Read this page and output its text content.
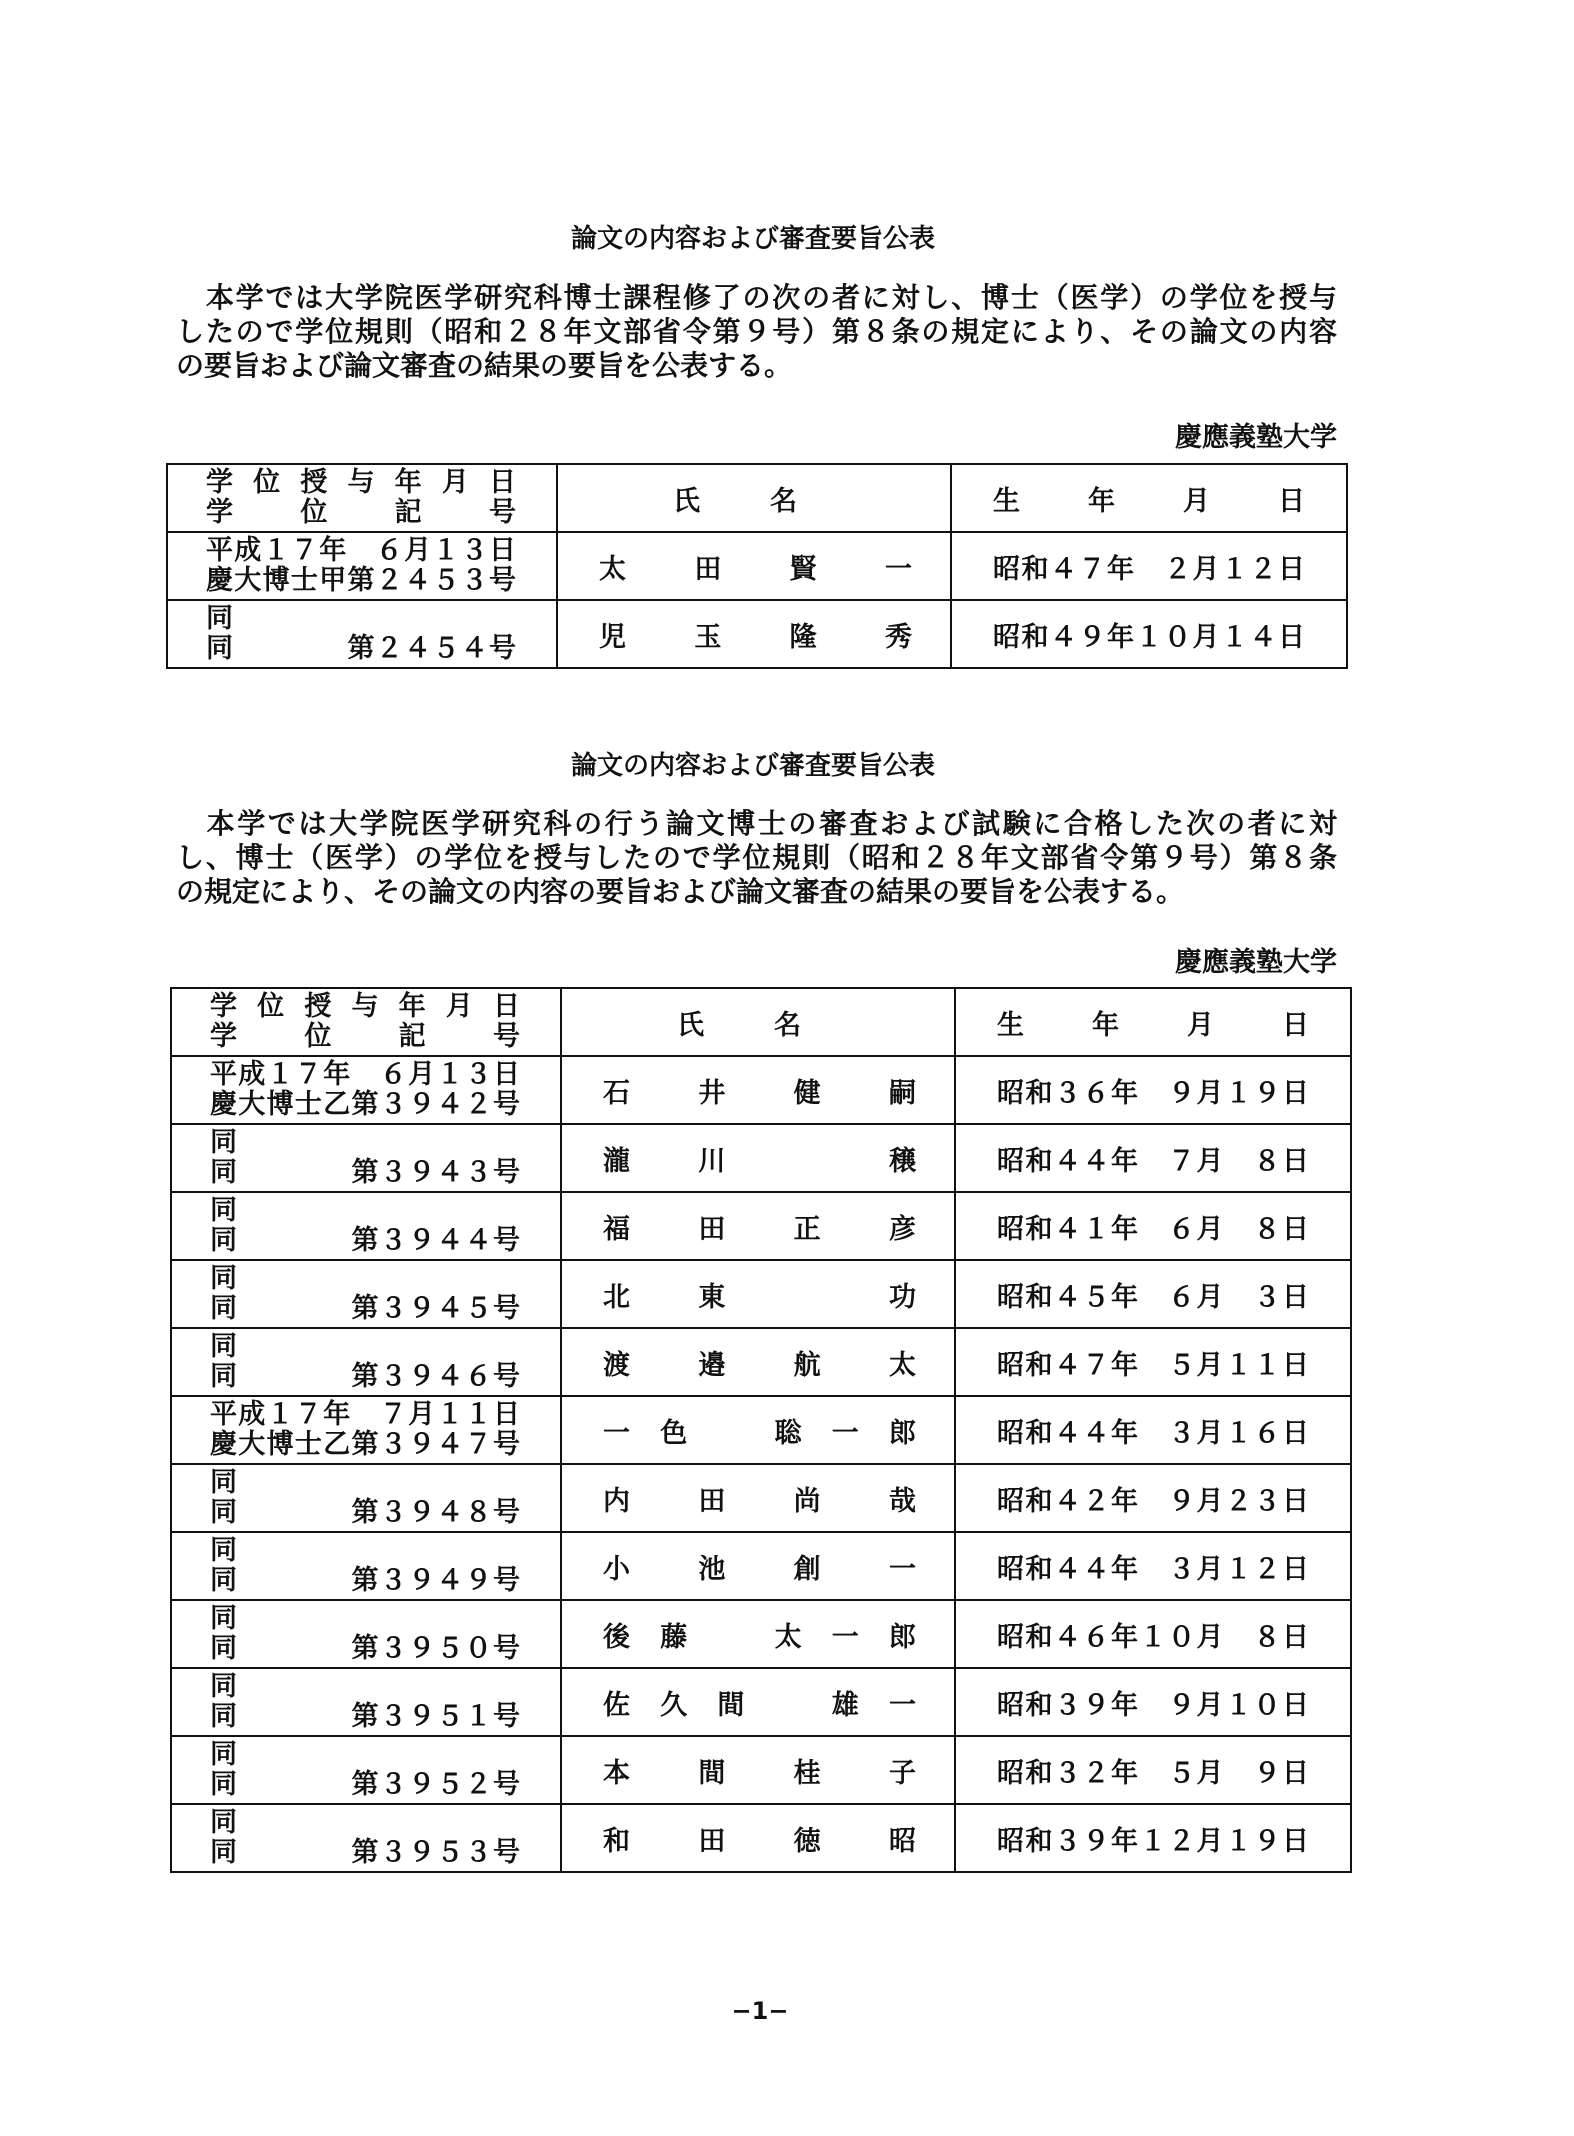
論文の内容および審査要旨公表
　本学では大学院医学研究科博士課程修了の次の者に対し、博士（医学）の学位を授与
したので学位規則（昭和２８年文部省令第９号）第８条の規定により、その論文の内容
の要旨および論文審査の結果の要旨を公表する。
慶應義塾大学
学位授与年月日
学位記号	氏名	生年月日

平成１７年　６月１３日
慶大博士甲第２４５３号	太田賢一	昭和４７年　２月１２日

同
同　　　　第２４５４号	児玉隆秀	昭和４９年１０月１４日
論文の内容および審査要旨公表
　本学では大学院医学研究科の行う論文博士の審査および試験に合格した次の者に対
し、博士（医学）の学位を授与したので学位規則（昭和２８年文部省令第９号）第８条
の規定により、その論文の内容の要旨および論文審査の結果の要旨を公表する。
慶應義塾大学
学位授与年月日
学位記号	氏名	生年月日

平成１７年　６月１３日
慶大博士乙第３９４２号	石井健嗣	昭和３６年　９月１９日

同
同　　　　第３９４３号	瀧川　穣	昭和４４年　７月　８日

同
同　　　　第３９４４号	福田正彦	昭和４１年　６月　８日

同
同　　　　第３９４５号	北東　功	昭和４５年　６月　３日

同
同　　　　第３９４６号	渡邉航太	昭和４７年　５月１１日

平成１７年　７月１１日
慶大博士乙第３９４７号	一色　聡一郎	昭和４４年　３月１６日

同
同　　　　第３９４８号	内田尚哉	昭和４２年　９月２３日

同
同　　　　第３９４９号	小池創一	昭和４４年　３月１２日

同
同　　　　第３９５０号	後藤　太一郎	昭和４６年１０月　８日

同
同　　　　第３９５１号	佐久間　雄一	昭和３９年　９月１０日

同
同　　　　第３９５２号	本間桂子	昭和３２年　５月　９日

同
同　　　　第３９５３号	和田徳昭	昭和３９年１２月１９日
−1−
